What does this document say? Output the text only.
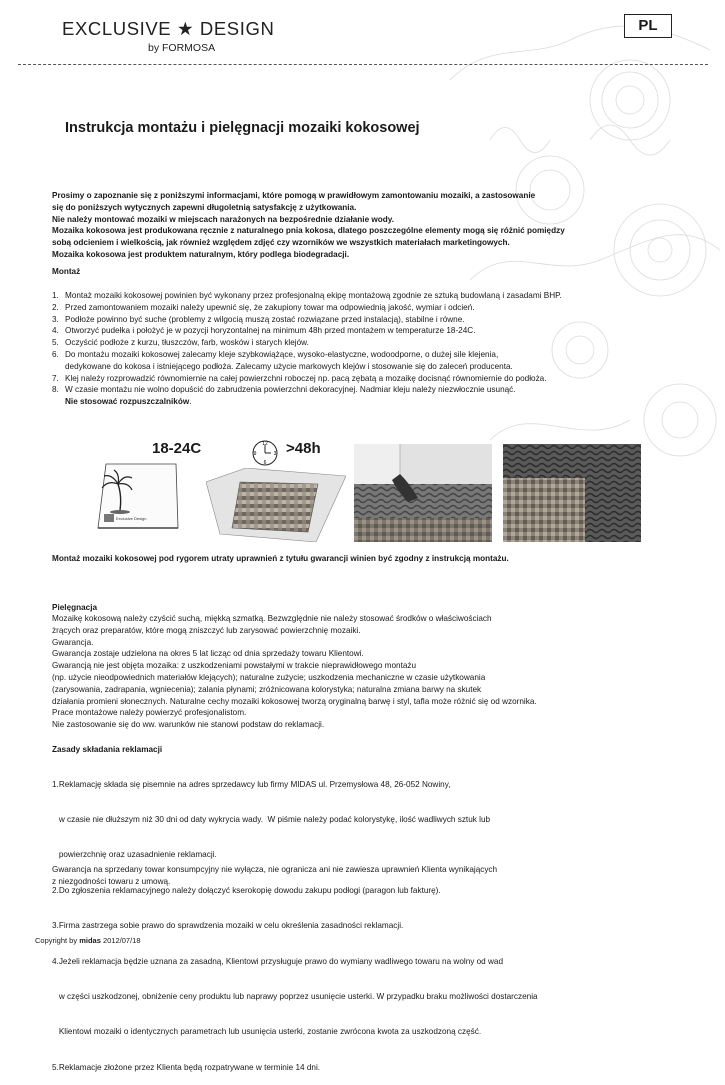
EXCLUSIVE ★ DESIGN
by FORMOSA
PL
Instrukcja montażu i pielęgnacji mozaiki kokosowej
Prosimy o zapoznanie się z poniższymi informacjami, które pomogą w prawidłowym zamontowaniu mozaiki, a zastosowanie
się do poniższych wytycznych zapewni długoletnią satysfakcję z użytkowania.
Nie należy montować mozaiki w miejscach narażonych na bezpośrednie działanie wody.
Mozaika kokosowa jest produkowana ręcznie z naturalnego pnia kokosa, dlatego poszczególne elementy mogą się różnić pomiędzy
sobą odcieniem i wielkością, jak również względem zdjęć czy wzorników we wszystkich materiałach marketingowych.
Mozaika kokosowa jest produktem naturalnym, który podlega biodegradacji.
Montaż
1. Montaż mozaiki kokosowej powinien być wykonany przez profesjonalną ekipę montażową zgodnie ze sztuką budowlaną i zasadami BHP.
2. Przed zamontowaniem mozaiki należy upewnić się, że zakupiony towar ma odpowiednią jakość, wymiar i odcień.
3. Podłoże powinno być suche (problemy z wilgocią muszą zostać rozwiązane przed instalacją), stabilne i równe.
4. Otworzyć pudełka i położyć je w pozycji horyzontalnej na minimum 48h przed montażem w temperaturze 18-24C.
5. Oczyścić podłoże z kurzu, tłuszczów, farb, wosków i starych klejów.
6. Do montażu mozaiki kokosowej zalecamy kleje szybkowiążące, wysoko-elastyczne, wodoodporne, o dużej sile klejenia,
dedykowane do kokosa i istniejącego podłoża. Zalecamy użycie markowych klejów i stosowanie się do zaleceń producenta.
7. Klej należy rozprowadzić równomiernie na całej powierzchni roboczej np. pacą zębatą a mozaikę docisnąć równomiernie do podłoża.
8. W czasie montażu nie wolno dopuścić do zabrudzenia powierzchni dekoracyjnej. Nadmiar kleju należy niezwłocznie usunąć.
Nie stosować rozpuszczalników.
18-24C	12
3
6
9 >48h
Exclusive Design
Montaż mozaiki kokosowej pod rygorem utraty uprawnień z tytułu gwarancji winien być zgodny z instrukcją montażu.
Pielęgnacja
Mozaikę kokosową należy czyścić suchą, miękką szmatką. Bezwzględnie nie należy stosować środków o właściwościach
żrących oraz preparatów, które mogą zniszczyć lub zarysować powierzchnię mozaiki.
Gwarancja.
Gwarancja zostaje udzielona na okres 5 lat licząc od dnia sprzedaży towaru Klientowi.
Gwarancją nie jest objęta mozaika: z uszkodzeniami powstałymi w trakcie nieprawidłowego montażu
(np. użycie nieodpowiednich materiałów klejących); naturalne zużycie; uszkodzenia mechaniczne w czasie użytkowania
(zarysowania, zadrapania, wgniecenia); zalania płynami; zróżnicowana kolorystyka; naturalna zmiana barwy na skutek
działania promieni słonecznych. Naturalne cechy mozaiki kokosowej tworzą oryginalną barwę i styl, tafla może różnić się od wzornika.
Prace montażowe należy powierzyć profesjonalistom.
Nie zastosowanie się do ww. warunków nie stanowi podstaw do reklamacji.
Zasady składania reklamacji

1.Reklamację składa się pisemnie na adres sprzedawcy lub firmy MIDAS ul. Przemysłowa 48, 26-052 Nowiny,

w czasie nie dłuższym niż 30 dni od daty wykrycia wady.  W piśmie należy podać kolorystykę, ilość wadliwych sztuk lub

powierzchnię oraz uzasadnienie reklamacji.

2.Do zgłoszenia reklamacyjnego należy dołączyć kserokopię dowodu zakupu podłogi (paragon lub fakturę).

3.Firma zastrzega sobie prawo do sprawdzenia mozaiki w celu określenia zasadności reklamacji.

4.Jeżeli reklamacja będzie uznana za zasadną, Klientowi przysługuje prawo do wymiany wadliwego towaru na wolny od wad

w części uszkodzonej, obniżenie ceny produktu lub naprawy poprzez usunięcie usterki. W przypadku braku możliwości dostarczenia

Klientowi mozaiki o identycznych parametrach lub usunięcia usterki, zostanie zwrócona kwota za uszkodzoną część.

5.Reklamacje złożone przez Klienta będą rozpatrywane w terminie 14 dni.

Gwarancja na sprzedany towar konsumpcyjny nie wyłącza, nie ogranicza ani nie zawiesza uprawnień Klienta wynikających
z niezgodności towaru z umową.
Copyright by midas 2012/07/18
